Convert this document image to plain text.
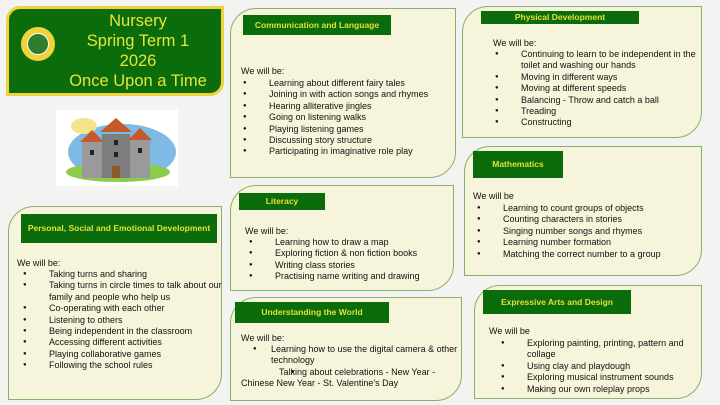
Nursery
Spring Term 1
2026
Once Upon a Time
Communication and Language
We will be:
● Learning about different fairy tales
● Joining in with action songs and rhymes
● Hearing alliterative jingles
● Going on listening walks
● Playing listening games
● Discussing story structure
● Participating in imaginative role play
Physical Development
We will be:
● Continuing to learn to be independent in the toilet and washing our hands
● Moving in different ways
● Moving at different speeds
● Balancing - Throw and catch a ball
● Treading
● Constructing
Mathematics
We will be
● Learning to count groups of objects
● Counting characters in stories
● Singing number songs and rhymes
● Learning number formation
● Matching the correct number to a group
Literacy
We will be:
● Learning how to draw a map
● Exploring fiction & non fiction books
● Writing class stories
● Practising name writing and drawing
Personal, Social and Emotional Development
We will be:
● Taking turns and sharing
● Taking turns in circle times to talk about our family and people who help us
● Co-operating with each other
● Listening to others
● Being independent in the classroom
● Accessing different activities
● Playing collaborative games
● Following the school rules
Understanding the World
We will be:
● Learning how to use the digital camera & other technology
● Talking about celebrations - New Year - Chinese New Year - St. Valentine's Day
Expressive Arts and Design
We will be
● Exploring painting, printing, pattern and collage
● Using clay and playdough
● Exploring musical instrument sounds
● Making our own roleplay props
